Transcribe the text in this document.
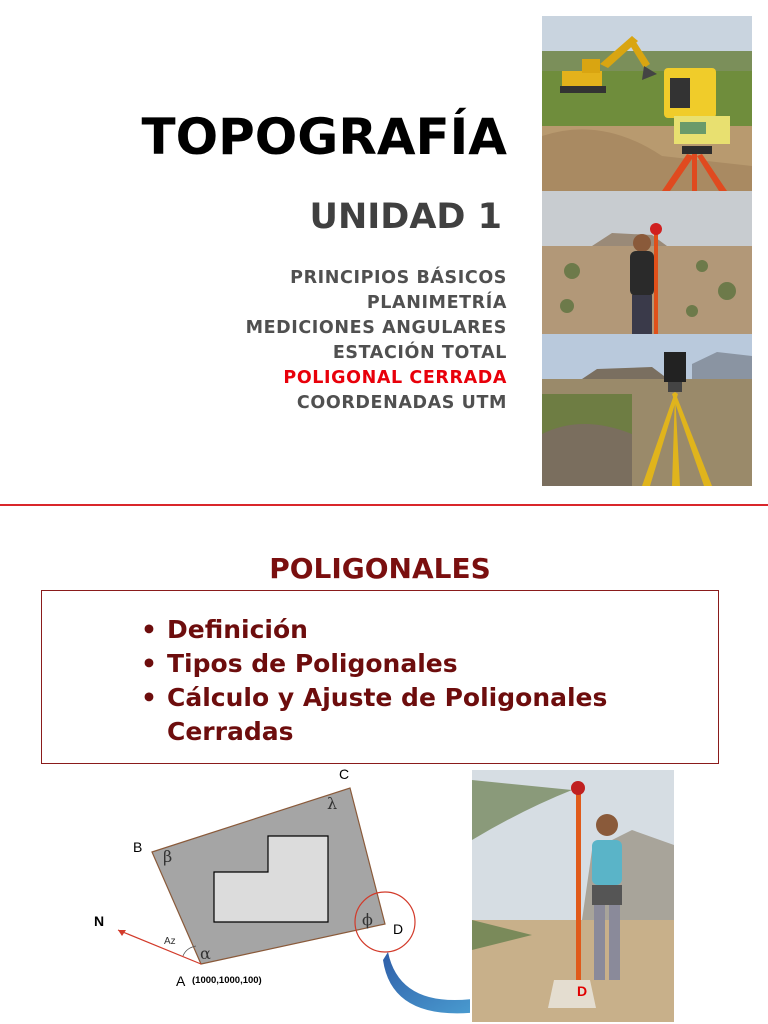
TOPOGRAFÍA
UNIDAD 1
PRINCIPIOS BÁSICOS
PLANIMETRÍA
MEDICIONES ANGULARES
ESTACIÓN TOTAL
POLIGONAL CERRADA
COORDENADAS UTM
POLIGONALES
• Definición
• Tipos de Poligonales
• Cálculo y Ajuste de Poligonales
Cerradas
N
B
C
D
A (1000,1000,100)
Az
α
β
λ
ϕ
D
